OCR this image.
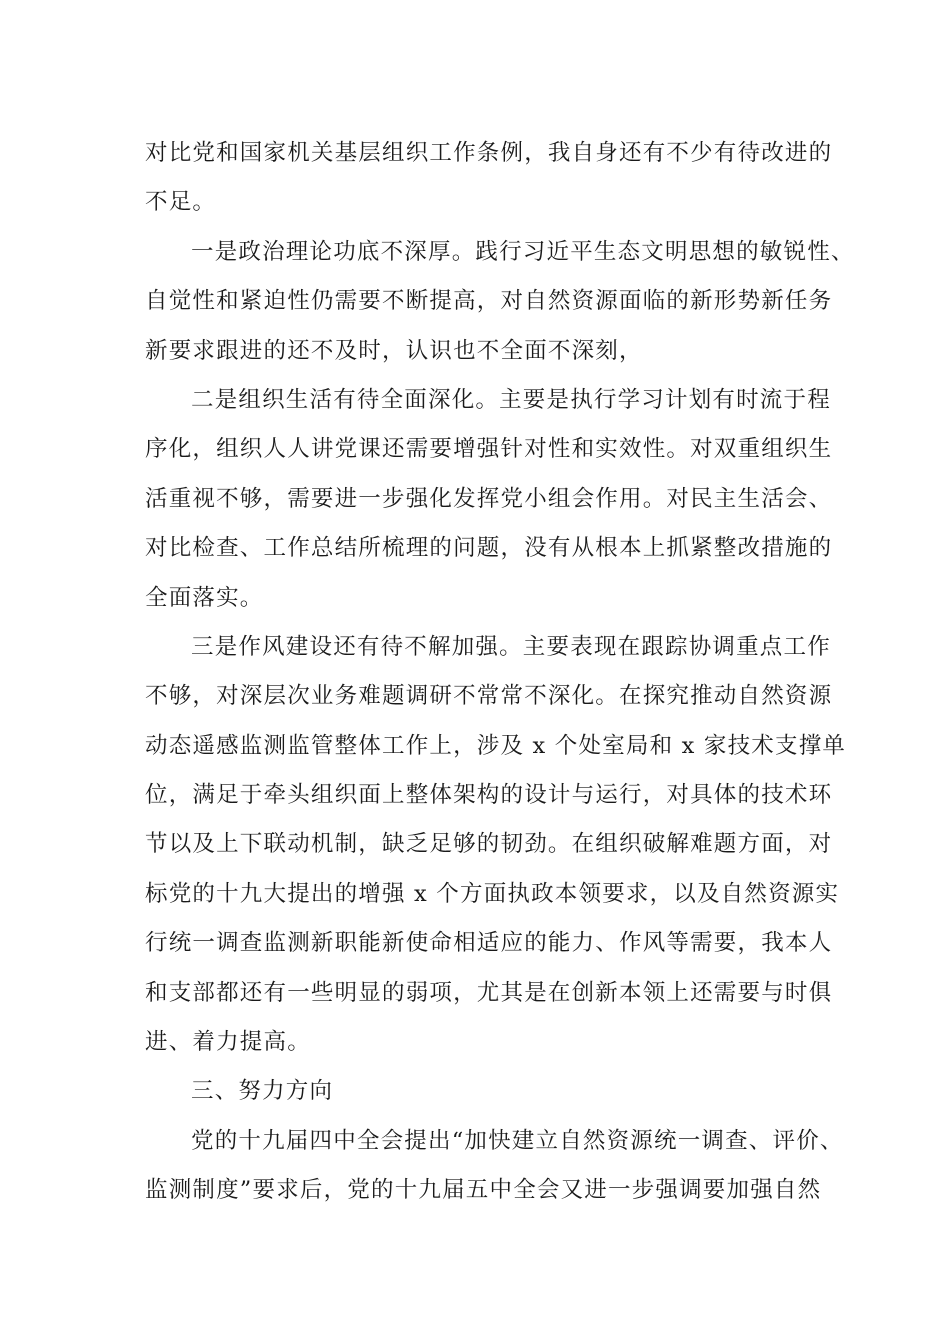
对比党和国家机关基层组织工作条例，我自身还有不少有待改进的
不足。
一是政治理论功底不深厚。践行习近平生态文明思想的敏锐性、
自觉性和紧迫性仍需要不断提高，对自然资源面临的新形势新任务
新要求跟进的还不及时，认识也不全面不深刻，
二是组织生活有待全面深化。主要是执行学习计划有时流于程
序化，组织人人讲党课还需要增强针对性和实效性。对双重组织生
活重视不够，需要进一步强化发挥党小组会作用。对民主生活会、
对比检查、工作总结所梳理的问题，没有从根本上抓紧整改措施的
全面落实。
三是作风建设还有待不解加强。主要表现在跟踪协调重点工作
不够，对深层次业务难题调研不常常不深化。在探究推动自然资源
动态遥感监测监管整体工作上，涉及 x 个处室局和 x 家技术支撑单
位，满足于牵头组织面上整体架构的设计与运行，对具体的技术环
节以及上下联动机制，缺乏足够的韧劲。在组织破解难题方面，对
标党的十九大提出的增强 x 个方面执政本领要求，以及自然资源实
行统一调查监测新职能新使命相适应的能力、作风等需要，我本人
和支部都还有一些明显的弱项，尤其是在创新本领上还需要与时俱
进、着力提高。
三、努力方向
党的十九届四中全会提出“加快建立自然资源统一调查、评价、
监测制度”要求后，党的十九届五中全会又进一步强调要加强自然
